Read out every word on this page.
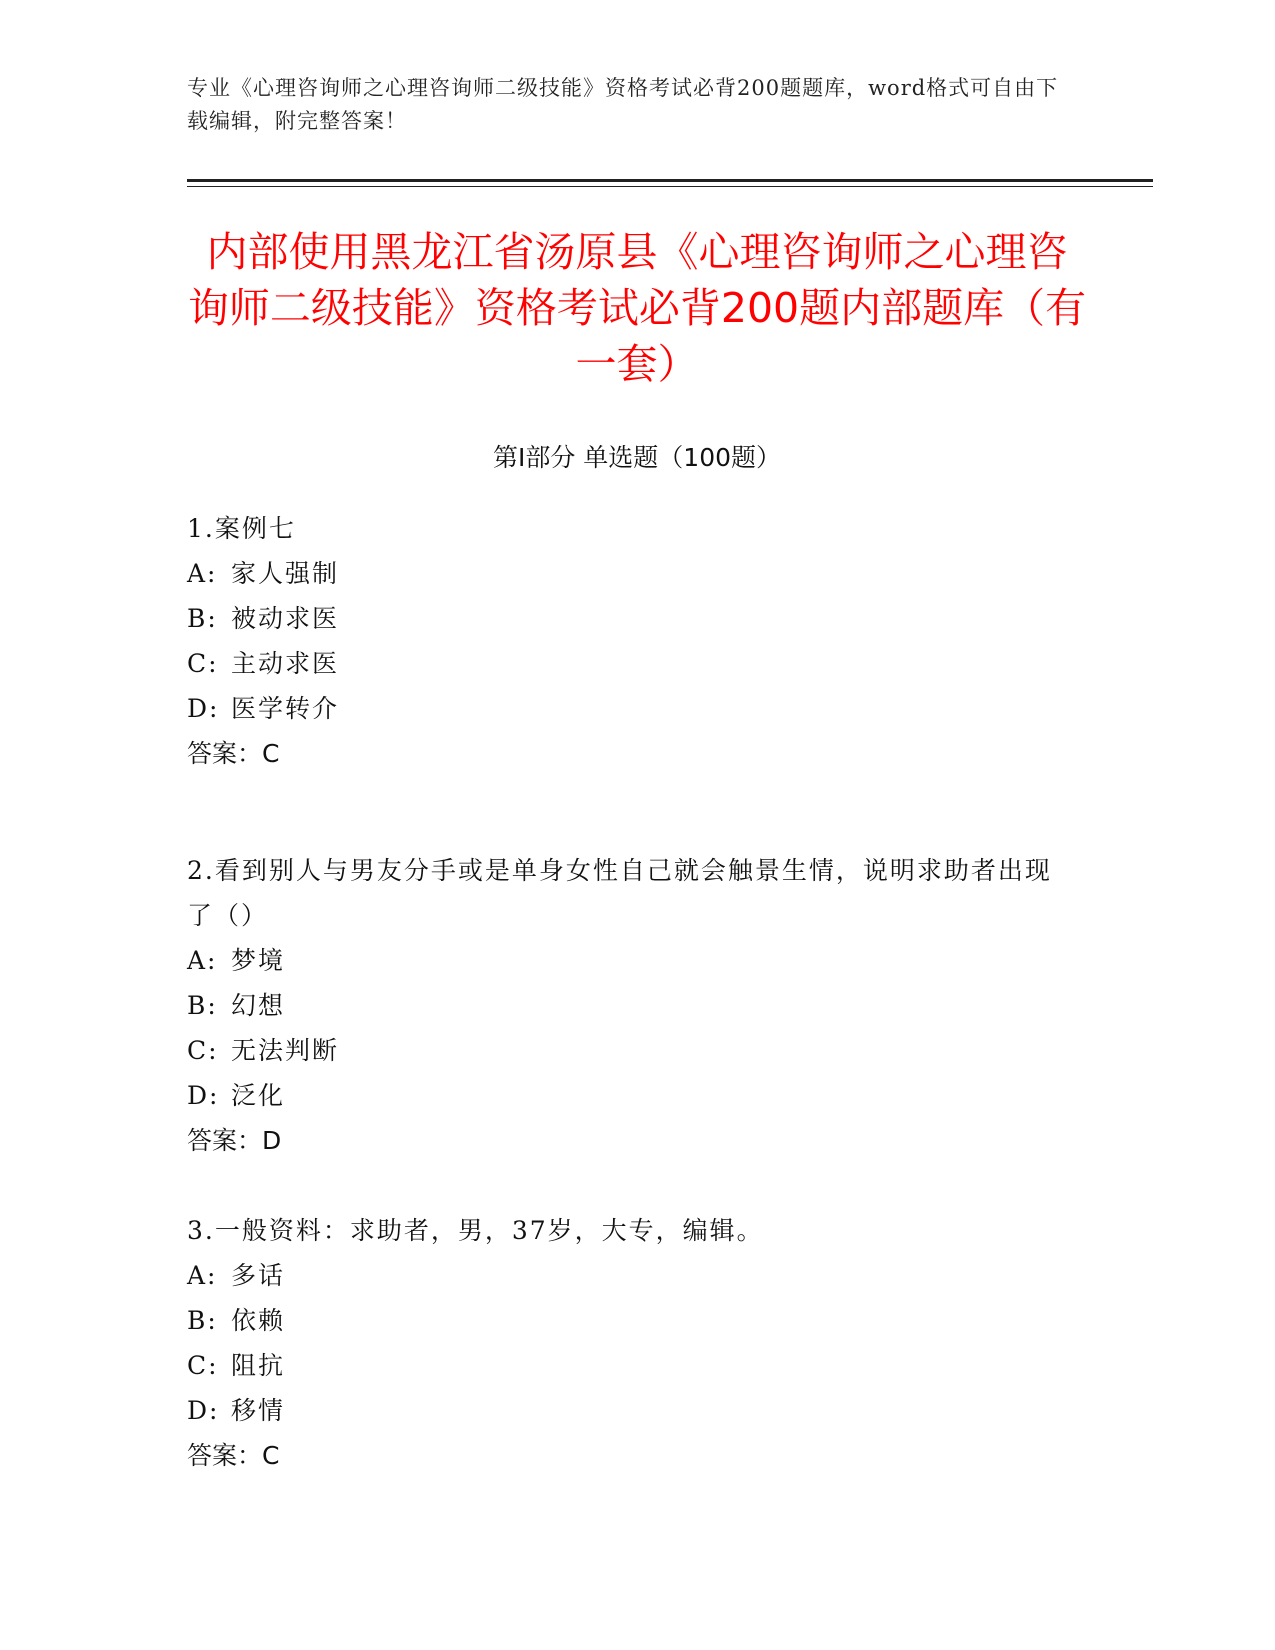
专业《心理咨询师之心理咨询师二级技能》资格考试必背200题题库，word格式可自由下载编辑，附完整答案！
内部使用黑龙江省汤原县《心理咨询师之心理咨询师二级技能》资格考试必背200题内部题库（有一套）
第I部分 单选题（100题）
1.案例七
A: 家人强制
B: 被动求医
C: 主动求医
D: 医学转介
答案：C
2.看到别人与男友分手或是单身女性自己就会触景生情，说明求助者出现了（）
A: 梦境
B: 幻想
C: 无法判断
D: 泛化
答案：D
3.一般资料：求助者，男，37岁，大专，编辑。
A: 多话
B: 依赖
C: 阻抗
D: 移情
答案：C
